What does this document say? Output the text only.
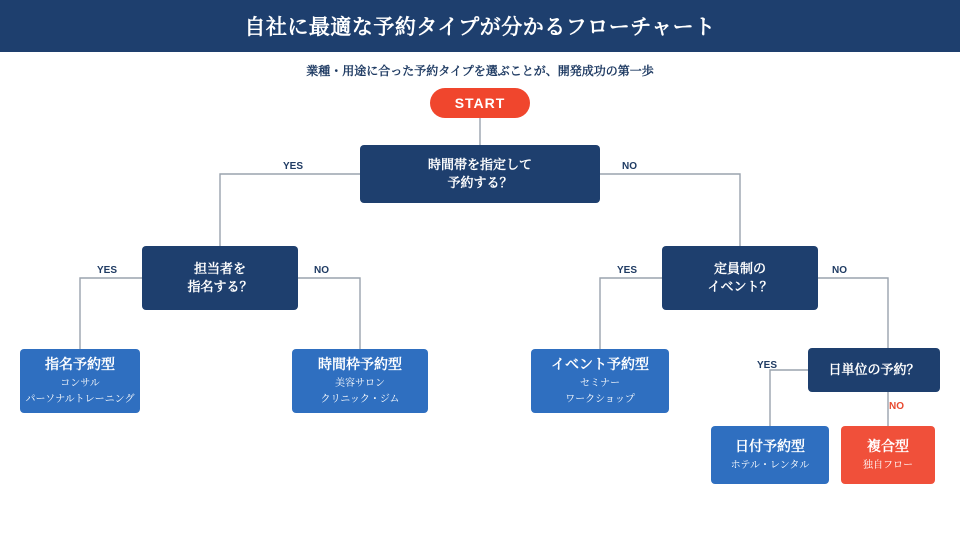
自社に最適な予約タイプが分かるフローチャート
業種・用途に合った予約タイプを選ぶことが、開発成功の第一歩
START
時間帯を指定して
予約する？
担当者を
指名する？
定員制の
イベント？
日単位の予約？
指名予約型
コンサル
パーソナルトレーニング
時間枠予約型
美容サロン
クリニック・ジム
イベント予約型
セミナー
ワークショップ
日付予約型
ホテル・レンタル
複合型
独自フロー
YES	NO
YES	NO	YES	NO
YES
NO
